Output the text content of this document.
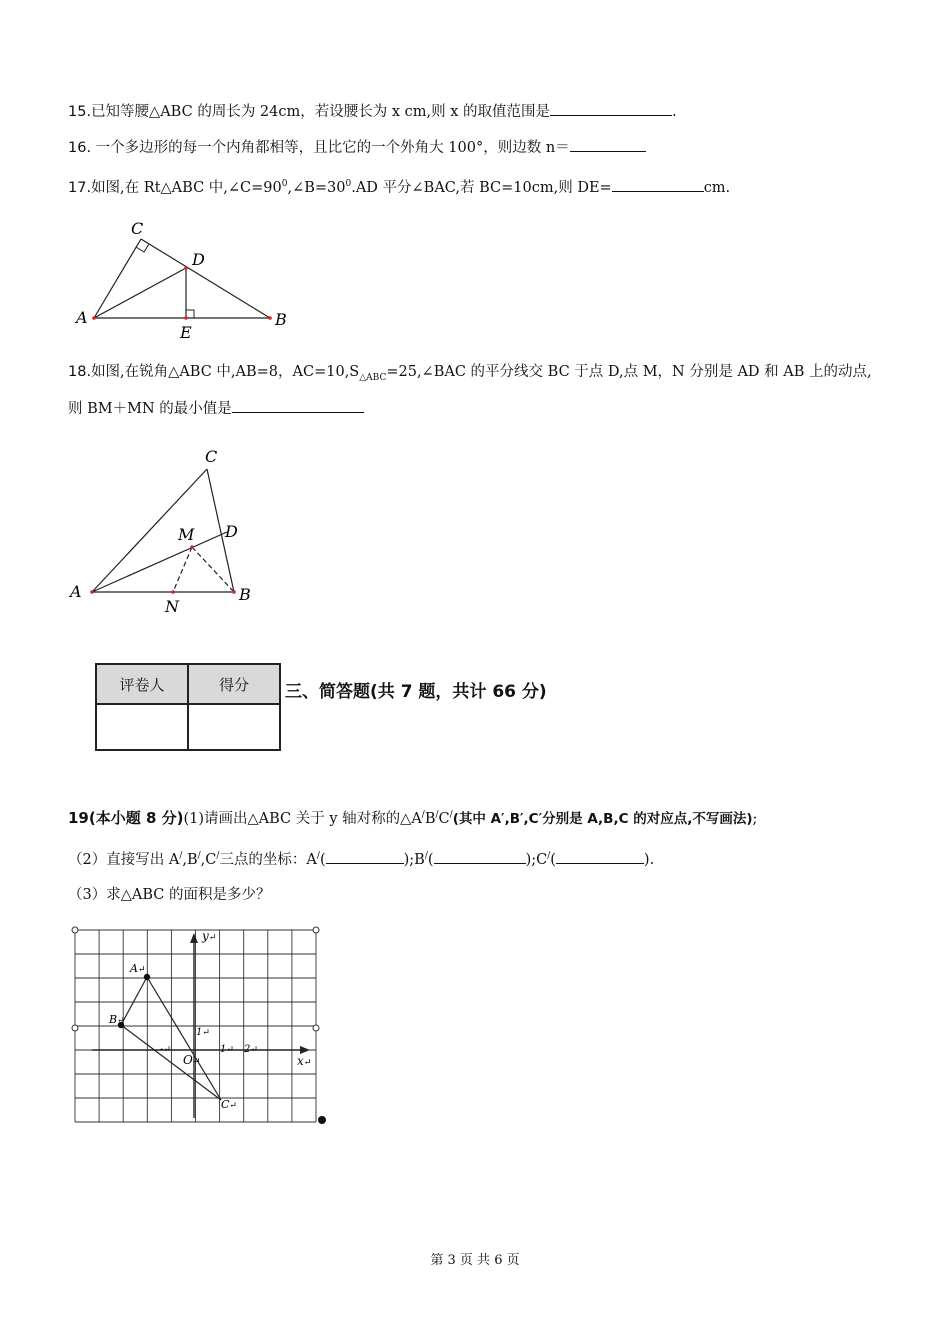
15.已知等腰△ABC 的周长为 24cm，若设腰长为 x cm,则 x 的取值范围是	.
16. 一个多边形的每一个内角都相等，且比它的一个外角大 100°，则边数 n＝
17.如图,在 Rt△ABC 中$,\angle C=90^0,\angle B=30^0.AD$ 平分∠BAC,若 BC=10cm,则 DE=	cm.
C
D
A
E
B
18.如图,在锐角△ABC 中,AB=8，$AC=10,S_{\triangle ABC}=25,\angle BAC$ 的平分线交 BC 于点 D,点 M，N 分别是 AD 和 AB 上的动点,
则 BM＋MN 的最小值是
C
M D
A
N
B
评卷人	得分
	三、简答题(共 7 题，共计 66 分)
19(本小题 8 分)(1)请画出△ABC 关于 y 轴对称的△A/B/C/(其中 A′,B′,C′分别是 A,B,C 的对应点,不写画法);
（2）直接写出 A/,B/,C/三点的坐标：A/(	);B/(	);C/(	).
（3）求△ABC 的面积是多少？
y↵
x↵
A↵
B↵
C↵
O↵
1↵
1↵ 2↵
-↵
第 3 页 共 6 页
